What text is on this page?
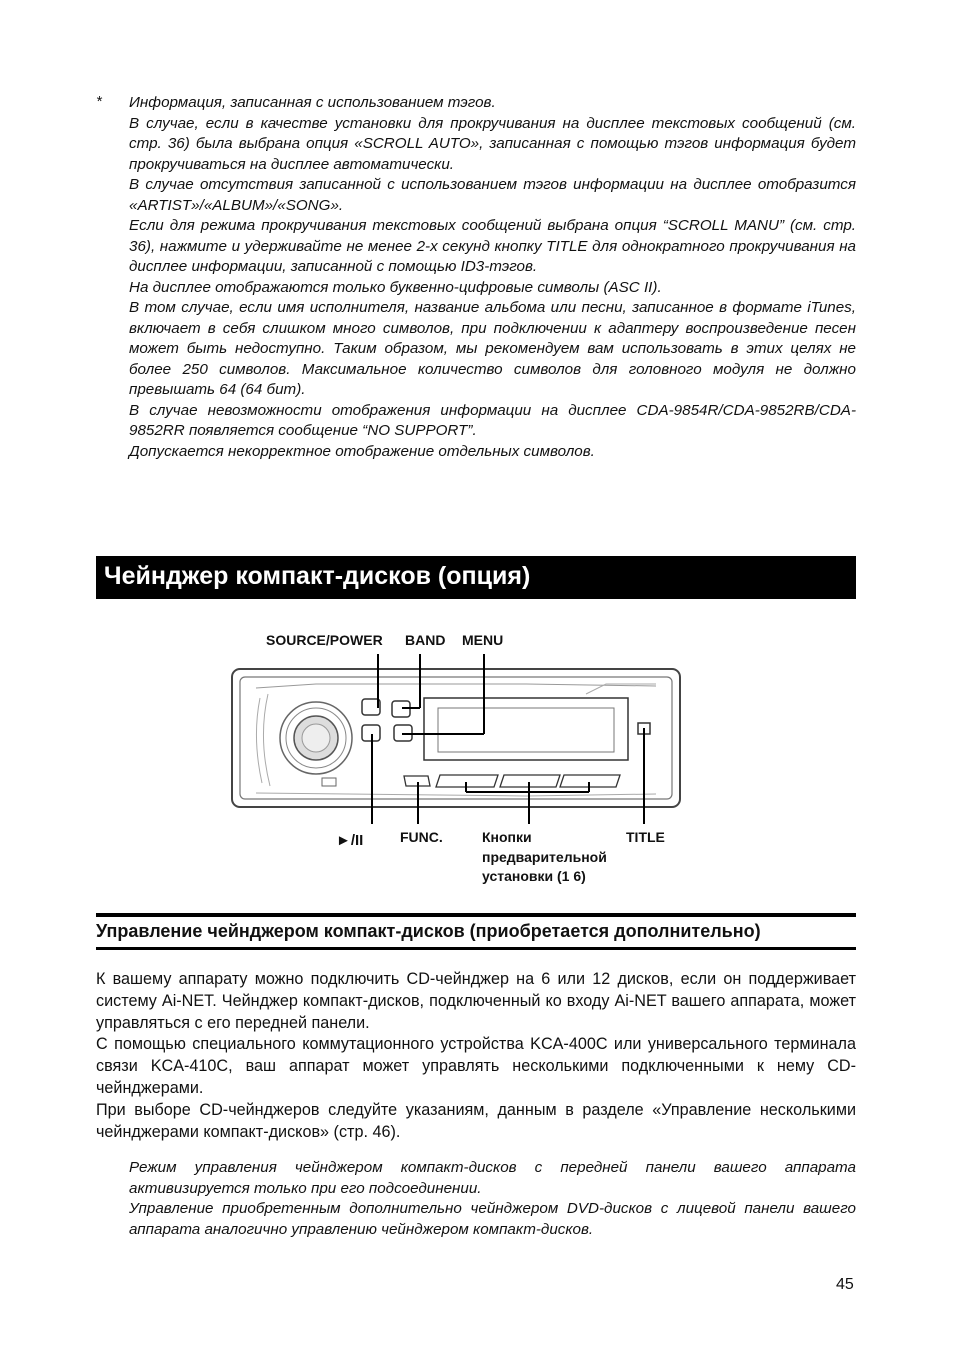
* Информация, записанная с использованием тэгов.

В случае, если в качестве установки для прокручивания на дисплее текстовых сообщений (см. стр. 36) была выбрана опция «SCROLL AUTO», записанная с помощью тэгов информация будет прокручиваться на дисплее автоматически.

В случае отсутствия записанной с использованием тэгов информации на дисплее отобразится «ARTIST»/«ALBUM»/«SONG».

Если для режима прокручивания текстовых сообщений выбрана опция “SCROLL MANU” (см. стр. 36), нажмите и удерживайте не менее 2-х секунд кнопку TITLE для однократного прокручивания на дисплее информации, записанной с помощью ID3-тэгов.

На дисплее отображаются только буквенно-цифровые символы (ASC II).

В том случае, если имя исполнителя, название альбома или песни, записанное в формате iTunes, включает в себя слишком много символов, при подключении к адаптеру воспроизведение песен может быть недоступно. Таким образом, мы рекомендуем вам использовать в этих целях не более 250 символов. Максимальное количество символов для головного модуля не должно превышать 64 (64 бит).

В случае невозможности отображения информации на дисплее CDA-9854R/CDA-9852RB/CDA-9852RR появляется сообщение “NO SUPPORT”.

Допускается некорректное отображение отдельных символов.

Чейнджер компакт-дисков (опция)
SOURCE/POWER BAND MENU
►/II	FUNC.	Кнопки
предварительной
установки (1 6)
TITLE
Управление чейнджером компакт-дисков (приобретается дополнительно)

К вашему аппарату можно подключить CD-чейнджер на 6 или 12 дисков, если он поддерживает систему Ai-NET. Чейнджер компакт-дисков, подключенный ко входу Ai-NET вашего аппарата, может управляться с его передней панели.

С помощью специального коммутационного устройства KCA-400C или универсального терминала связи KCA-410C, ваш аппарат может управлять несколькими подключенными к нему CD-чейнджерами.

При выборе CD-чейнджеров следуйте указаниям, данным в разделе «Управление несколькими чейнджерами компакт-дисков» (стр. 46).

Режим управления чейнджером компакт-дисков с передней панели вашего аппарата активизируется только при его подсоединении.

Управление приобретенным дополнительно чейнджером DVD-дисков с лицевой панели вашего аппарата аналогично управлению чейнджером компакт-дисков.

45
